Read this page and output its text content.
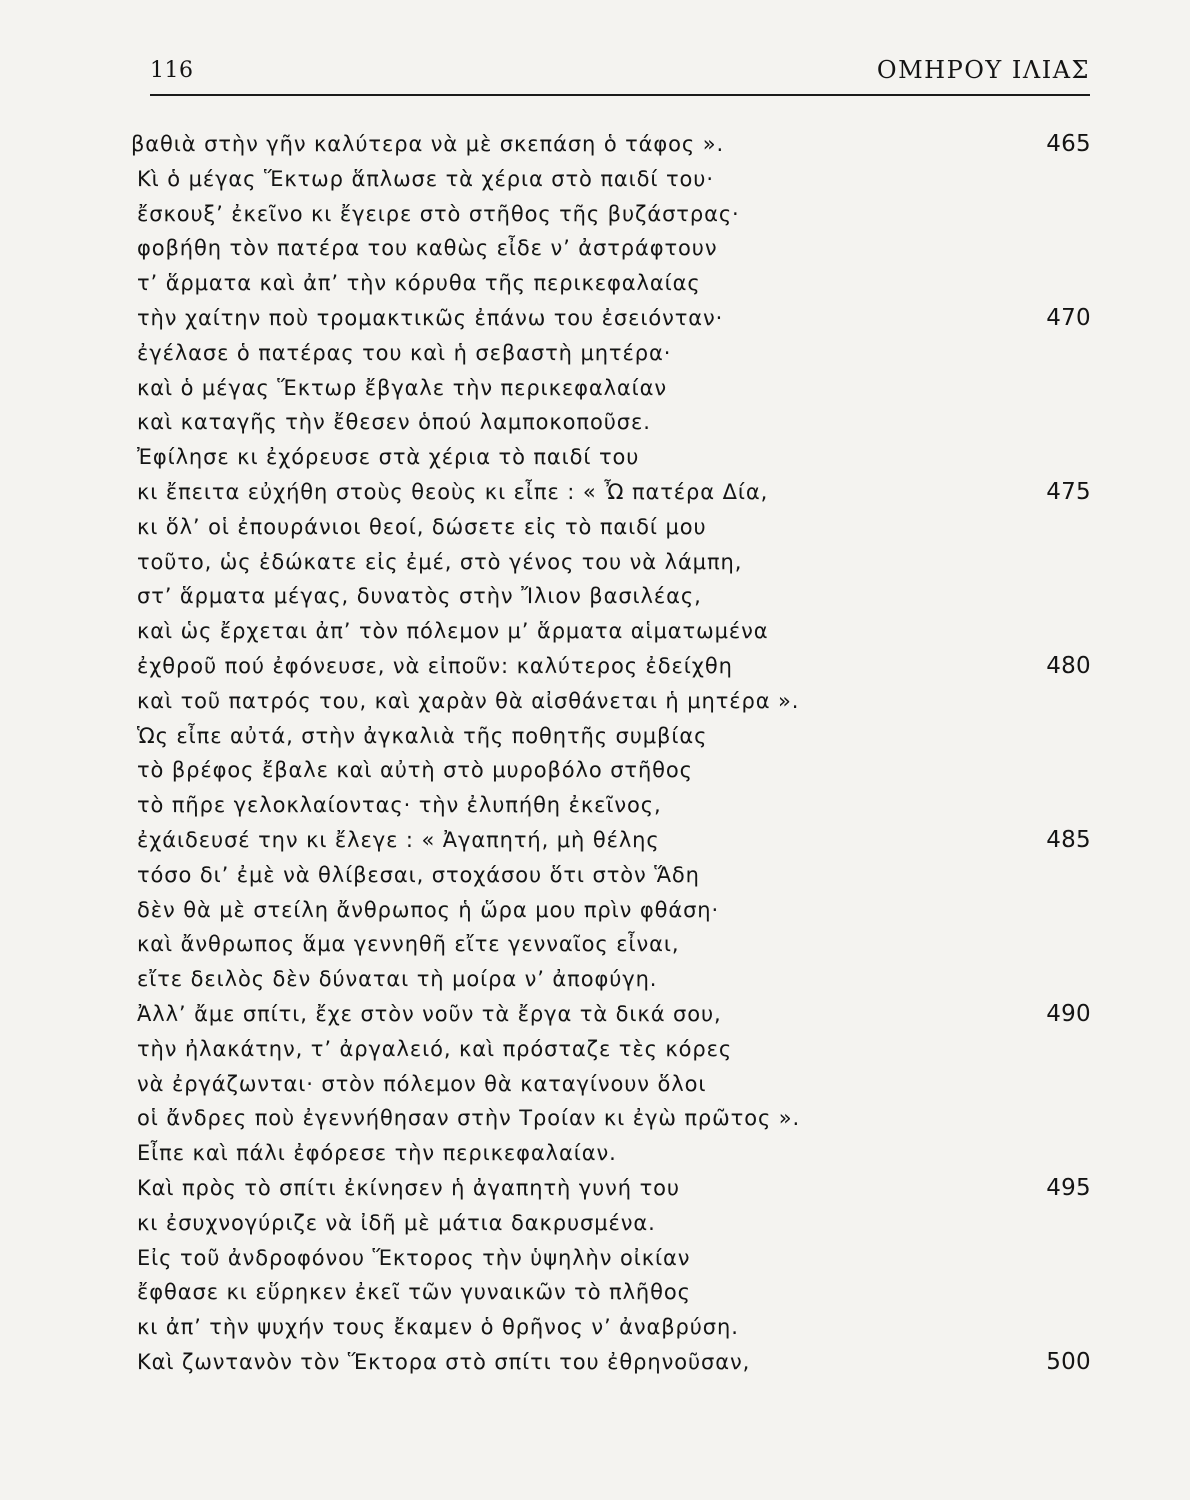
116	ΟΜΗΡΟΥ ΙΛΙΑΣ
βαθιὰ στὴν γῆν καλύτερα νὰ μὲ σκεπάση ὁ τάφος ».	465
Κὶ ὁ μέγας Ἕκτωρ ἅπλωσε τὰ χέρια στὸ παιδί του·
ἔσκουξ’ ἐκεῖνο κι ἔγειρε στὸ στῆθος τῆς βυζάστρας·
φοβήθη τὸν πατέρα του καθὼς εἶδε ν’ ἀστράφτουν
τ’ ἅρματα καὶ ἀπ’ τὴν κόρυθα τῆς περικεφαλαίας
τὴν χαίτην ποὺ τρομακτικῶς ἐπάνω του ἐσειόνταν·	470
ἐγέλασε ὁ πατέρας του καὶ ἡ σεβαστὴ μητέρα·
καὶ ὁ μέγας Ἕκτωρ ἔβγαλε τὴν περικεφαλαίαν
καὶ καταγῆς τὴν ἔθεσεν ὁπού λαμποκοποῦσε.
Ἐφίλησε κι ἐχόρευσε στὰ χέρια τὸ παιδί του
κι ἔπειτα εὐχήθη στοὺς θεοὺς κι εἶπε : « Ὦ πατέρα Δία,	475
κι ὅλ’ οἱ ἐπουράνιοι θεοί, δώσετε εἰς τὸ παιδί μου
τοῦτο, ὡς ἐδώκατε εἰς ἐμέ, στὸ γένος του νὰ λάμπη,
στ’ ἅρματα μέγας, δυνατὸς στὴν Ἴλιον βασιλέας,
καὶ ὡς ἔρχεται ἀπ’ τὸν πόλεμον μ’ ἅρματα αἱματωμένα
ἐχθροῦ πού ἐφόνευσε, νὰ εἰποῦν: καλύτερος ἐδείχθη	480
καὶ τοῦ πατρός του, καὶ χαρὰν θὰ αἰσθάνεται ἡ μητέρα ».
Ὡς εἶπε αὐτά, στὴν ἀγκαλιὰ τῆς ποθητῆς συμβίας
τὸ βρέφος ἔβαλε καὶ αὐτὴ στὸ μυροβόλο στῆθος
τὸ πῆρε γελοκλαίοντας· τὴν ἐλυπήθη ἐκεῖνος,
ἐχάιδευσέ την κι ἔλεγε : « Ἀγαπητή, μὴ θέλης	485
τόσο δι’ ἐμὲ νὰ θλίβεσαι, στοχάσου ὅτι στὸν Ἅδη
δὲν θὰ μὲ στείλη ἄνθρωπος ἡ ὥρα μου πρὶν φθάση·
καὶ ἄνθρωπος ἅμα γεννηθῆ εἴτε γενναῖος εἶναι,
εἴτε δειλὸς δὲν δύναται τὴ μοίρα ν’ ἀποφύγη.
Ἀλλ’ ἄμε σπίτι, ἔχε στὸν νοῦν τὰ ἔργα τὰ δικά σου,	490
τὴν ἠλακάτην, τ’ ἀργαλειό, καὶ πρόσταζε τὲς κόρες
νὰ ἐργάζωνται· στὸν πόλεμον θὰ καταγίνουν ὅλοι
οἱ ἄνδρες ποὺ ἐγεννήθησαν στὴν Τροίαν κι ἐγὼ πρῶτος ».
Εἶπε καὶ πάλι ἐφόρεσε τὴν περικεφαλαίαν.
Καὶ πρὸς τὸ σπίτι ἐκίνησεν ἡ ἀγαπητὴ γυνή του	495
κι ἐσυχνογύριζε νὰ ἰδῆ μὲ μάτια δακρυσμένα.
Εἰς τοῦ ἀνδροφόνου Ἕκτορος τὴν ὑψηλὴν οἰκίαν
ἔφθασε κι εὕρηκεν ἐκεῖ τῶν γυναικῶν τὸ πλῆθος
κι ἀπ’ τὴν ψυχήν τους ἔκαμεν ὁ θρῆνος ν’ ἀναβρύση.
Καὶ ζωντανὸν τὸν Ἕκτορα στὸ σπίτι του ἐθρηνοῦσαν,	500
